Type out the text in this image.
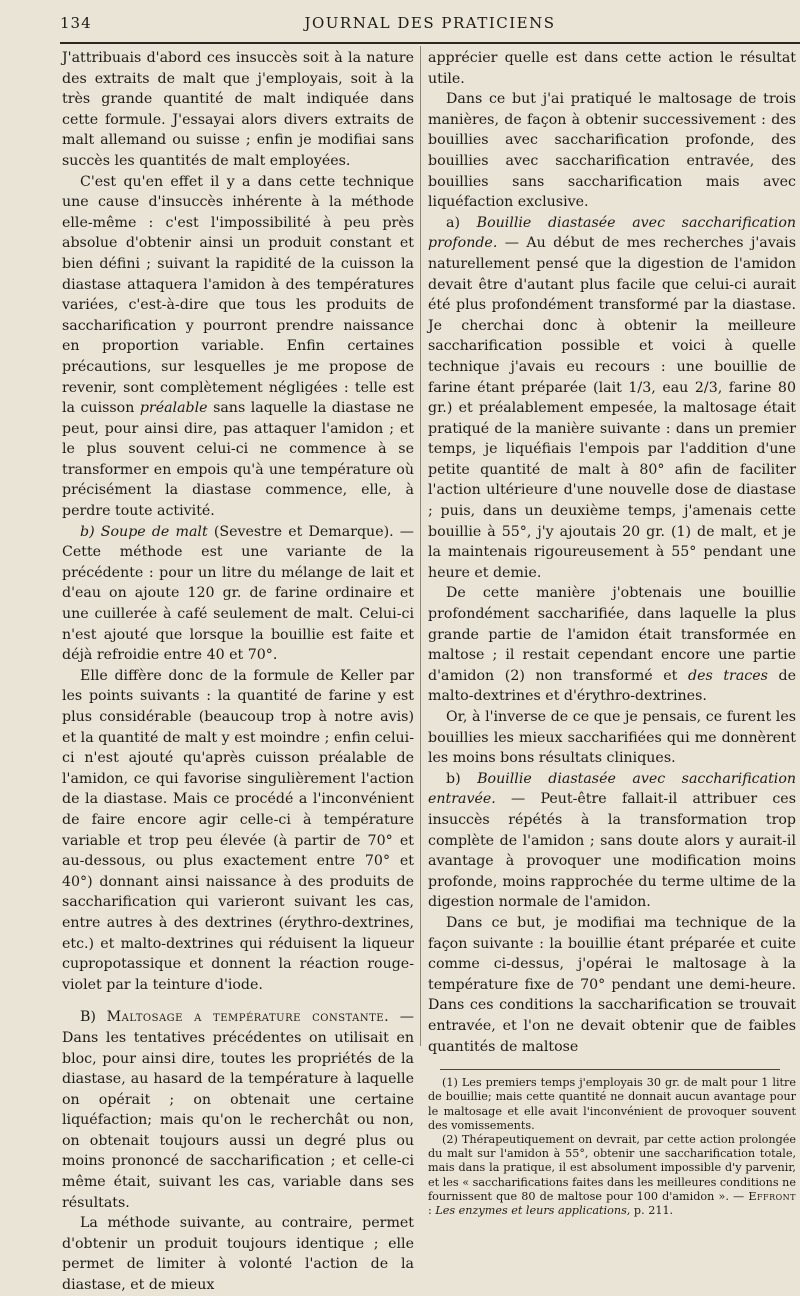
134	JOURNAL DES PRATICIENS

J'attribuais d'abord ces insuccès soit à la nature des extraits de malt que j'employais, soit à la très grande quantité de malt indiquée dans cette formule. J'essayai alors divers extraits de malt allemand ou suisse ; enfin je modifiai sans succès les quantités de malt employées.

C'est qu'en effet il y a dans cette technique une cause d'insuccès inhérente à la méthode elle-même : c'est l'impossibilité à peu près absolue d'obtenir ainsi un produit constant et bien défini ; suivant la rapidité de la cuisson la diastase attaquera l'amidon à des températures variées, c'est-à-dire que tous les produits de saccharification y pourront prendre naissance en proportion variable. Enfin certaines précautions, sur lesquelles je me propose de revenir, sont complètement négligées : telle est la cuisson préalable sans laquelle la diastase ne peut, pour ainsi dire, pas attaquer l'amidon ; et le plus souvent celui-ci ne commence à se transformer en empois qu'à une température où précisément la diastase commence, elle, à perdre toute activité.

b) Soupe de malt (Sevestre et Demarque). — Cette méthode est une variante de la précédente : pour un litre du mélange de lait et d'eau on ajoute 120 gr. de farine ordinaire et une cuillerée à café seulement de malt. Celui-ci n'est ajouté que lorsque la bouillie est faite et déjà refroidie entre 40 et 70°.

Elle diffère donc de la formule de Keller par les points suivants : la quantité de farine y est plus considérable (beaucoup trop à notre avis) et la quantité de malt y est moindre ; enfin celui-ci n'est ajouté qu'après cuisson préalable de l'amidon, ce qui favorise singulièrement l'action de la diastase. Mais ce procédé a l'inconvénient de faire encore agir celle-ci à température variable et trop peu élevée (à partir de 70° et au-dessous, ou plus exactement entre 70° et 40°) donnant ainsi naissance à des produits de saccharification qui varieront suivant les cas, entre autres à des dextrines (érythro-dextrines, etc.) et malto-dextrines qui réduisent la liqueur cupropotassique et donnent la réaction rouge-violet par la teinture d'iode.

B) Maltosage a température constante. — Dans les tentatives précédentes on utilisait en bloc, pour ainsi dire, toutes les propriétés de la diastase, au hasard de la température à laquelle on opérait ; on obtenait une certaine liquéfaction; mais qu'on le recherchât ou non, on obtenait toujours aussi un degré plus ou moins prononcé de saccharification ; et celle-ci même était, suivant les cas, variable dans ses résultats.

La méthode suivante, au contraire, permet d'obtenir un produit toujours identique ; elle permet de limiter à volonté l'action de la diastase, et de mieux

apprécier quelle est dans cette action le résultat utile.

Dans ce but j'ai pratiqué le maltosage de trois manières, de façon à obtenir successivement : des bouillies avec saccharification profonde, des bouillies avec saccharification entravée, des bouillies sans saccharification mais avec liquéfaction exclusive.

a) Bouillie diastasée avec saccharification profonde. — Au début de mes recherches j'avais naturellement pensé que la digestion de l'amidon devait être d'autant plus facile que celui-ci aurait été plus profondément transformé par la diastase. Je cherchai donc à obtenir la meilleure saccharification possible et voici à quelle technique j'avais eu recours : une bouillie de farine étant préparée (lait 1/3, eau 2/3, farine 80 gr.) et préalablement empesée, la maltosage était pratiqué de la manière suivante : dans un premier temps, je liquéfiais l'empois par l'addition d'une petite quantité de malt à 80° afin de faciliter l'action ultérieure d'une nouvelle dose de diastase ; puis, dans un deuxième temps, j'amenais cette bouillie à 55°, j'y ajoutais 20 gr. (1) de malt, et je la maintenais rigoureusement à 55° pendant une heure et demie.

De cette manière j'obtenais une bouillie profondément saccharifiée, dans laquelle la plus grande partie de l'amidon était transformée en maltose ; il restait cependant encore une partie d'amidon (2) non transformé et des traces de malto-dextrines et d'érythro-dextrines.

Or, à l'inverse de ce que je pensais, ce furent les bouillies les mieux saccharifiées qui me donnèrent les moins bons résultats cliniques.

b) Bouillie diastasée avec saccharification entravée. — Peut-être fallait-il attribuer ces insuccès répétés à la transformation trop complète de l'amidon ; sans doute alors y aurait-il avantage à provoquer une modification moins profonde, moins rapprochée du terme ultime de la digestion normale de l'amidon.

Dans ce but, je modifiai ma technique de la façon suivante : la bouillie étant préparée et cuite comme ci-dessus, j'opérai le maltosage à la température fixe de 70° pendant une demi-heure. Dans ces conditions la saccharification se trouvait entravée, et l'on ne devait obtenir que de faibles quantités de maltose

(1) Les premiers temps j'employais 30 gr. de malt pour 1 litre de bouillie; mais cette quantité ne donnait aucun avantage pour le maltosage et elle avait l'inconvénient de provoquer souvent des vomissements.

(2) Thérapeutiquement on devrait, par cette action prolongée du malt sur l'amidon à 55°, obtenir une saccharification totale, mais dans la pratique, il est absolument impossible d'y parvenir, et les « saccharifications faites dans les meilleures conditions ne fournissent que 80 de maltose pour 100 d'amidon ». — Effront : Les enzymes et leurs applications, p. 211.
